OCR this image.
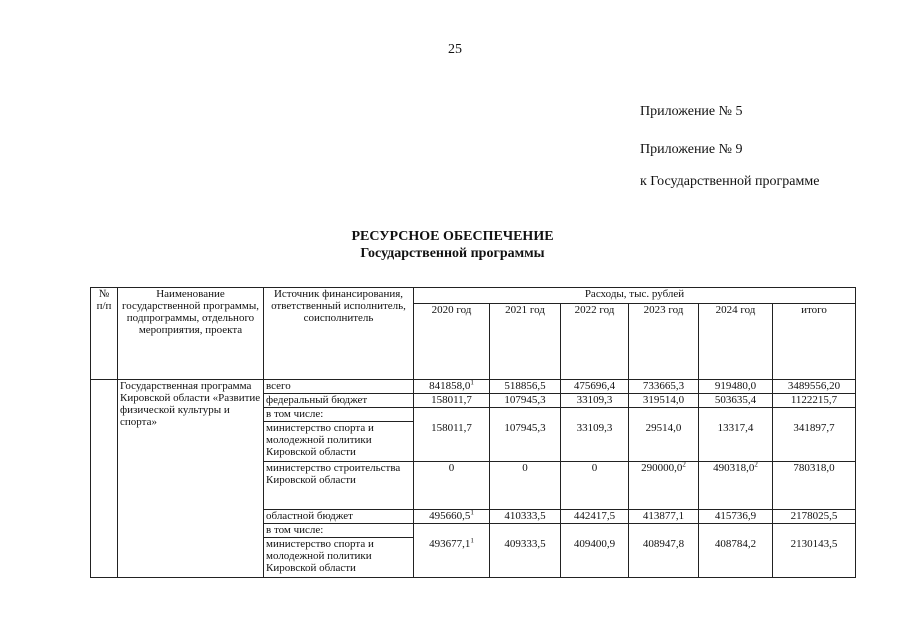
25
Приложение № 5
Приложение № 9
к Государственной программе
РЕСУРСНОЕ ОБЕСПЕЧЕНИЕ
Государственной программы
№ п/п	Наименование государственной программы, подпрограммы, отдельного мероприятия, проекта	Источник финансирования, ответственный исполнитель, соисполнитель	Расходы, тыс. рублей					
			2020 год	2021 год	2022 год	2023 год	2024 год	итого
	Государственная программа Кировской области «Развитие физической культуры и спорта»	всего	841858,0$^1$	518856,5	475696,4	733665,3	919480,0	3489556,20
		федеральный бюджет	158011,7	107945,3	33109,3	319514,0	503635,4	1122215,7
		в том числе:						
		министерство спорта и молодежной политики Кировской области	158011,7	107945,3	33109,3	29514,0	13317,4	341897,7
		министерство строительства Кировской области	0	0	0	290000,0$^2$	490318,0$^2$	780318,0
		областной бюджет	495660,5$^1$	410333,5	442417,5	413877,1	415736,9	2178025,5
		в том числе:						
		министерство спорта и молодежной политики Кировской области	493677,1$^1$	409333,5	409400,9	408947,8	408784,2	2130143,5
